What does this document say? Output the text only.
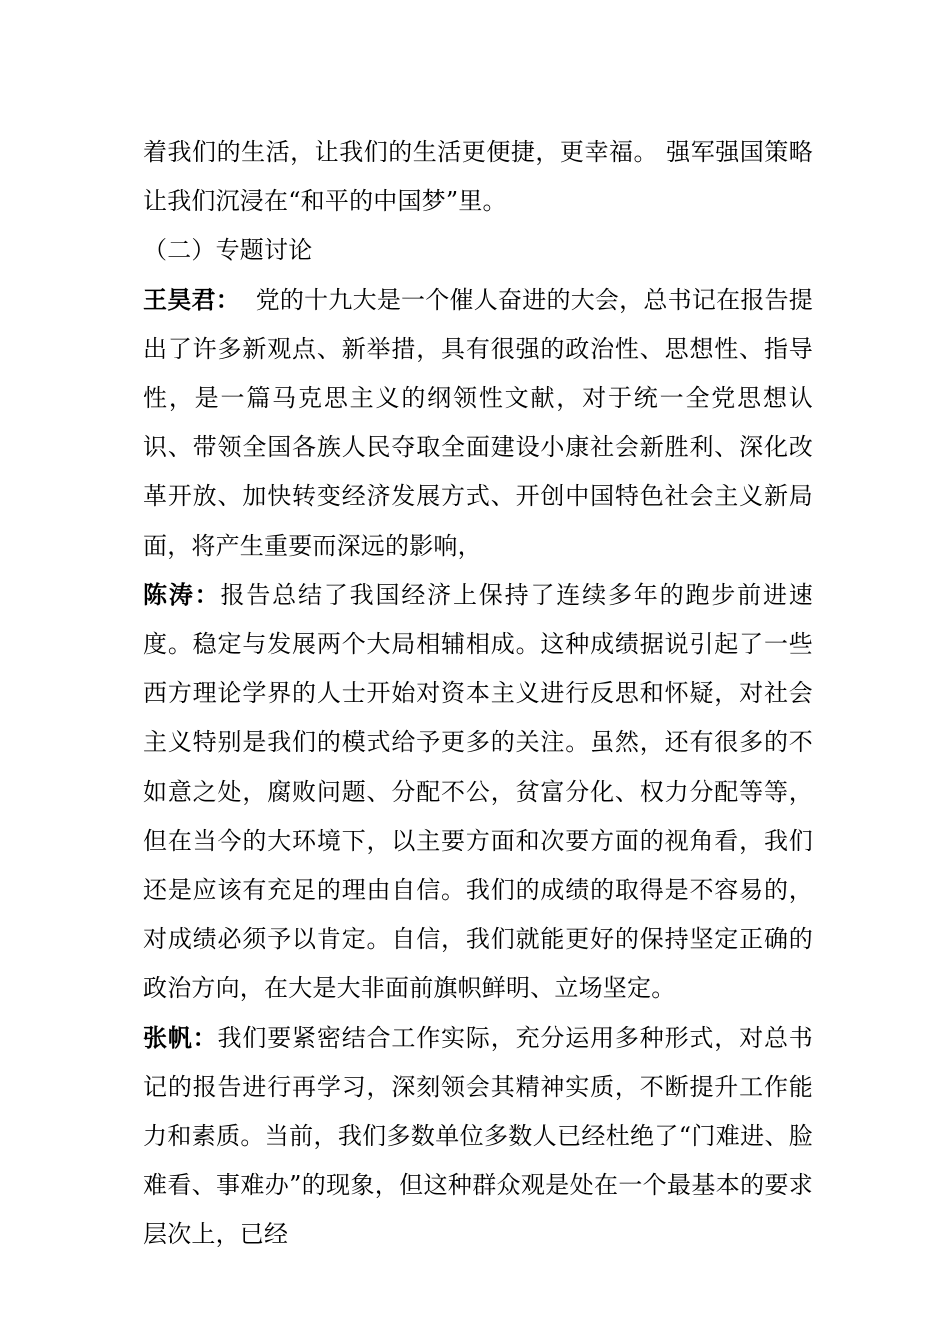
着我们的生活，让我们的生活更便捷，更幸福。 强军强国策略让我们沉浸在“和平的中国梦”里。

（二）专题讨论

王昊君：  党的十九大是一个催人奋进的大会，总书记在报告提出了许多新观点、新举措，具有很强的政治性、思想性、指导性，是一篇马克思主义的纲领性文献，对于统一全党思想认识、带领全国各族人民夺取全面建设小康社会新胜利、深化改革开放、加快转变经济发展方式、开创中国特色社会主义新局面，将产生重要而深远的影响，

陈涛：报告总结了我国经济上保持了连续多年的跑步前进速度。稳定与发展两个大局相辅相成。这种成绩据说引起了一些西方理论学界的人士开始对资本主义进行反思和怀疑，对社会主义特别是我们的模式给予更多的关注。虽然，还有很多的不如意之处，腐败问题、分配不公，贫富分化、权力分配等等，但在当今的大环境下，以主要方面和次要方面的视角看，我们还是应该有充足的理由自信。我们的成绩的取得是不容易的，对成绩必须予以肯定。自信，我们就能更好的保持坚定正确的政治方向，在大是大非面前旗帜鲜明、立场坚定。

张帆：我们要紧密结合工作实际，充分运用多种形式，对总书记的报告进行再学习，深刻领会其精神实质，不断提升工作能力和素质。当前，我们多数单位多数人已经杜绝了“门难进、脸难看、事难办”的现象，但这种群众观是处在一个最基本的要求层次上，已经
